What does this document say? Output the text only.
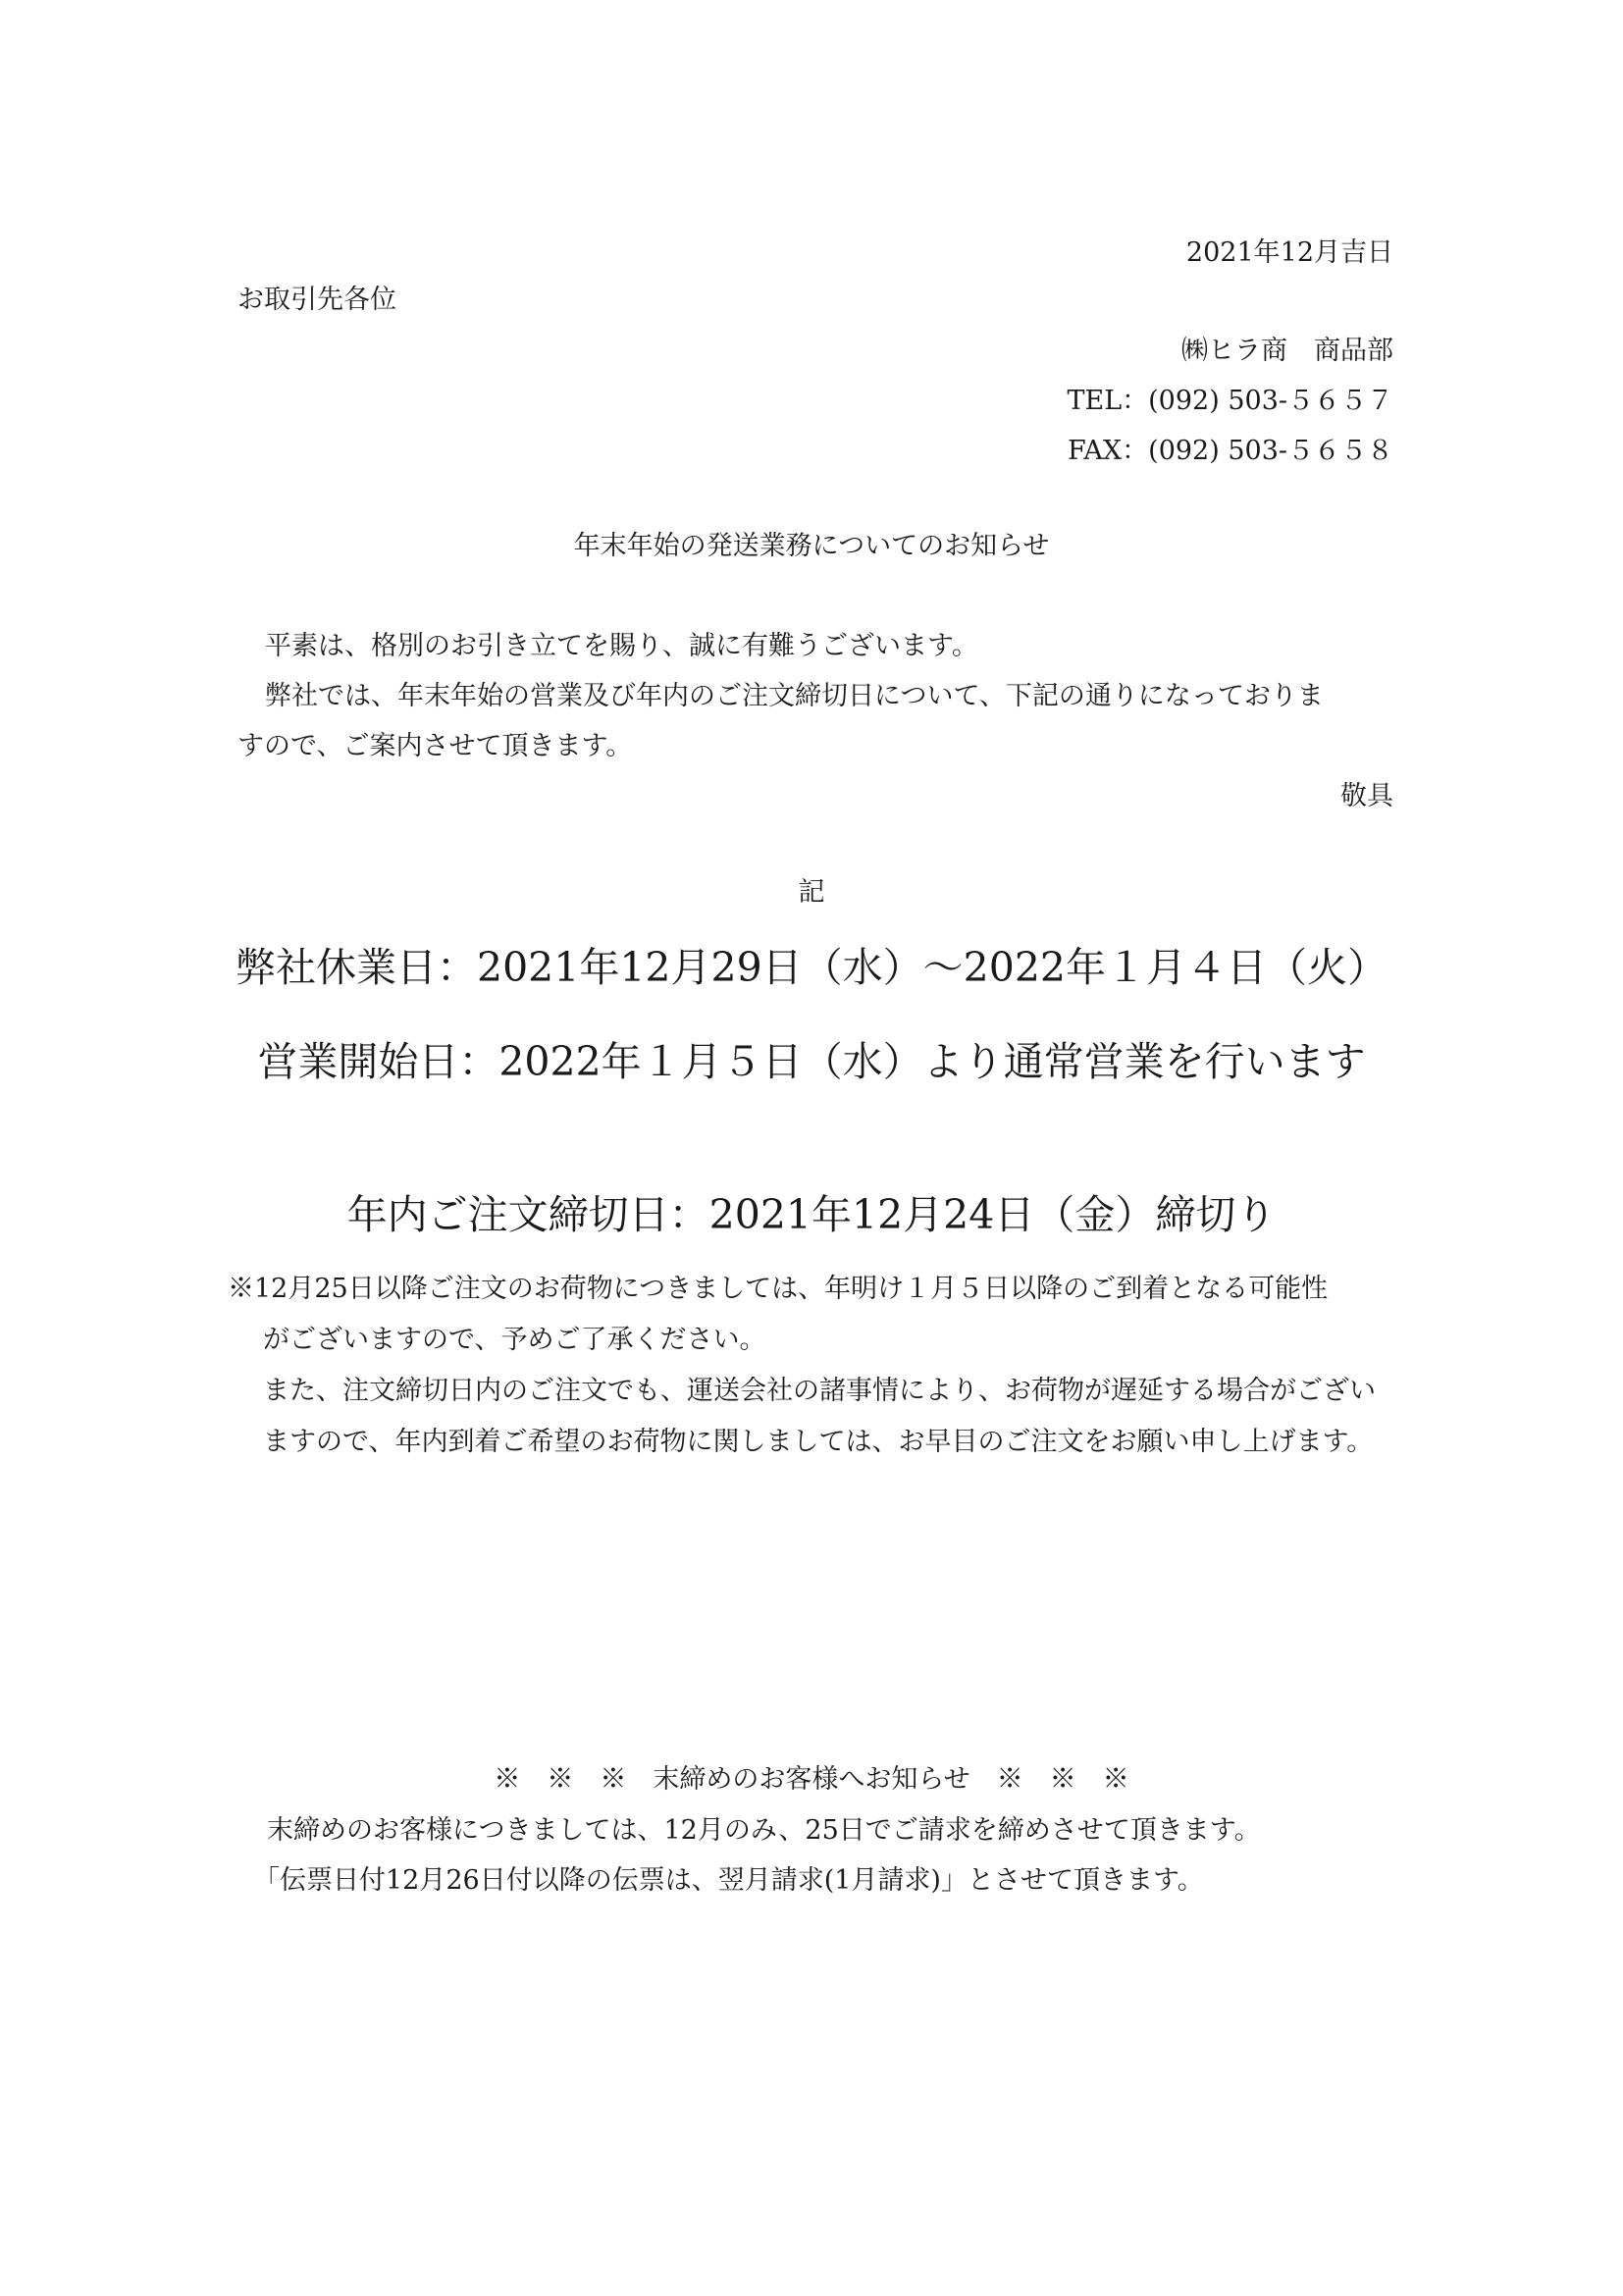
2021年12月吉日
お取引先各位
㈱ヒラ商　商品部
TEL：(092) 503-５６５７
FAX：(092) 503-５６５８
年末年始の発送業務についてのお知らせ
平素は、格別のお引き立てを賜り、誠に有難うございます。
弊社では、年末年始の営業及び年内のご注文締切日について、下記の通りになっておりま
すので、ご案内させて頂きます。
敬具
記
弊社休業日：2021年12月29日（水）～2022年１月４日（火）
営業開始日：2022年１月５日（水）より通常営業を行います
年内ご注文締切日：2021年12月24日（金）締切り
※12月25日以降ご注文のお荷物につきましては、年明け１月５日以降のご到着となる可能性
がございますので、予めご了承ください。
また、注文締切日内のご注文でも、運送会社の諸事情により、お荷物が遅延する場合がござい
ますので、年内到着ご希望のお荷物に関しましては、お早目のご注文をお願い申し上げます。
※　※　※　末締めのお客様へお知らせ　※　※　※
末締めのお客様につきましては、12月のみ、25日でご請求を締めさせて頂きます。
「伝票日付12月26日付以降の伝票は、翌月請求(1月請求)」とさせて頂きます。
